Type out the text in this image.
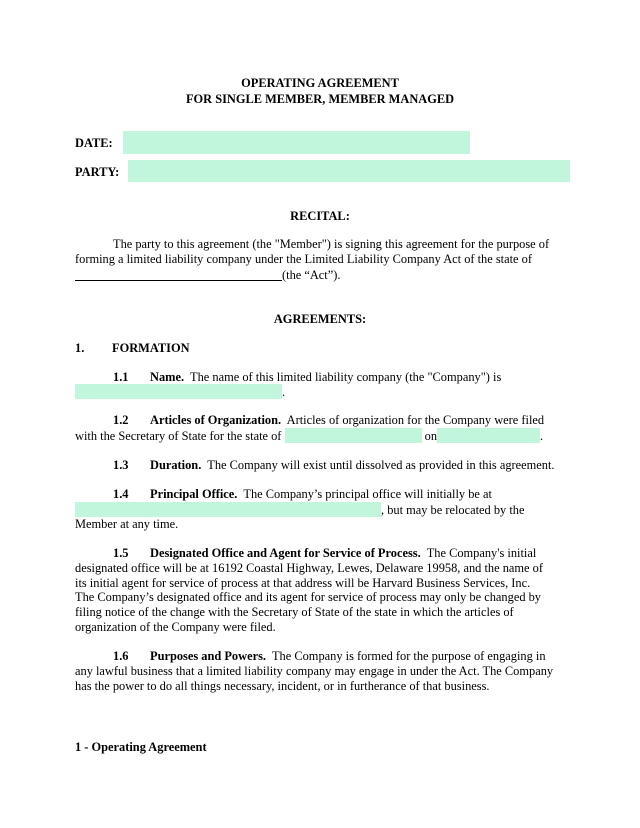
OPERATING AGREEMENT
FOR SINGLE MEMBER, MEMBER MANAGED
DATE:
PARTY:
RECITAL:
The party to this agreement (the "Member") is signing this agreement for the purpose of
forming a limited liability company under the Limited Liability Company Act of the state of
(the “Act”).
AGREEMENTS:
1. FORMATION
1.1 Name. The name of this limited liability company (the "Company") is
.
1.2 Articles of Organization. Articles of organization for the Company were filed
with the Secretary of State for the state of	on	.
1.3 Duration. The Company will exist until dissolved as provided in this agreement.
1.4 Principal Office. The Company’s principal office will initially be at
, but may be relocated by the
Member at any time.
1.5 Designated Office and Agent for Service of Process. The Company's initial
designated office will be at 16192 Coastal Highway, Lewes, Delaware 19958, and the name of
its initial agent for service of process at that address will be Harvard Business Services, Inc.
The Company’s designated office and its agent for service of process may only be changed by
filing notice of the change with the Secretary of State of the state in which the articles of
organization of the Company were filed.
1.6 Purposes and Powers. The Company is formed for the purpose of engaging in
any lawful business that a limited liability company may engage in under the Act. The Company
has the power to do all things necessary, incident, or in furtherance of that business.
1 - Operating Agreement
